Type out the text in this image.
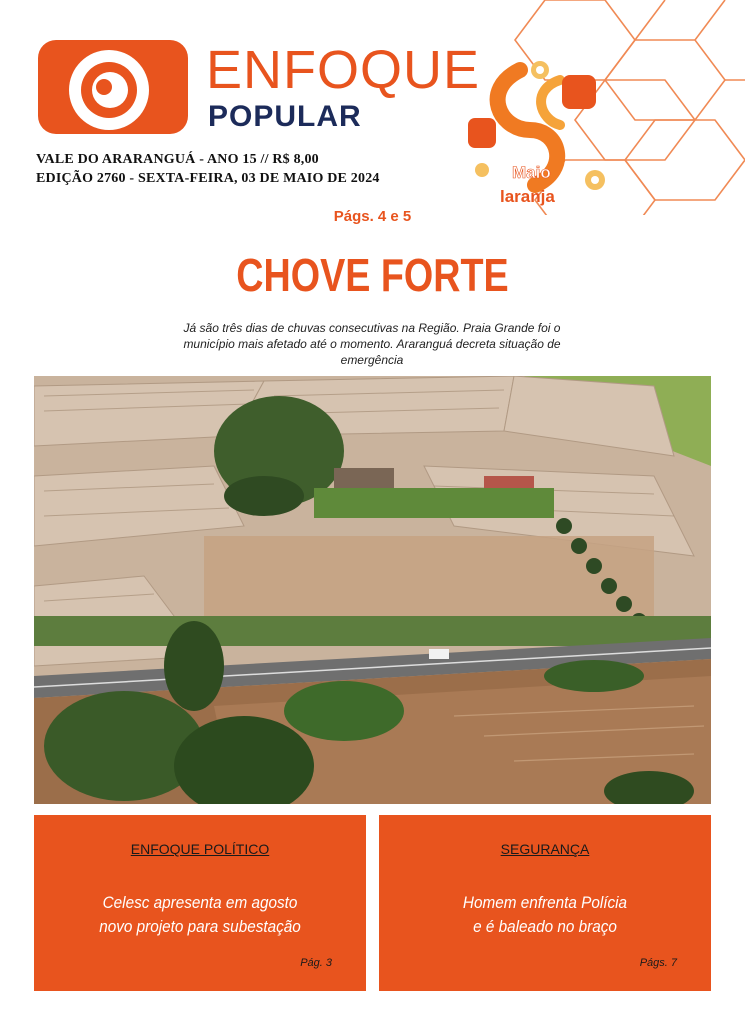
ENFOQUE
POPULAR
VALE DO ARARANGUÁ - ANO 15 // R$ 8,00
EDIÇÃO 2760 - SEXTA-FEIRA, 03 DE MAIO DE 2024	Maio
laranja
Págs. 4 e 5
CHOVE FORTE
Já são três dias de chuvas consecutivas na Região. Praia Grande foi o município mais afetado até o momento. Araranguá decreta situação de emergência
ENFOQUE POLÍTICO
Celesc apresenta em agosto
novo projeto para subestação
Pág. 3
SEGURANÇA
Homem enfrenta Polícia
e é baleado no braço
Págs. 7
